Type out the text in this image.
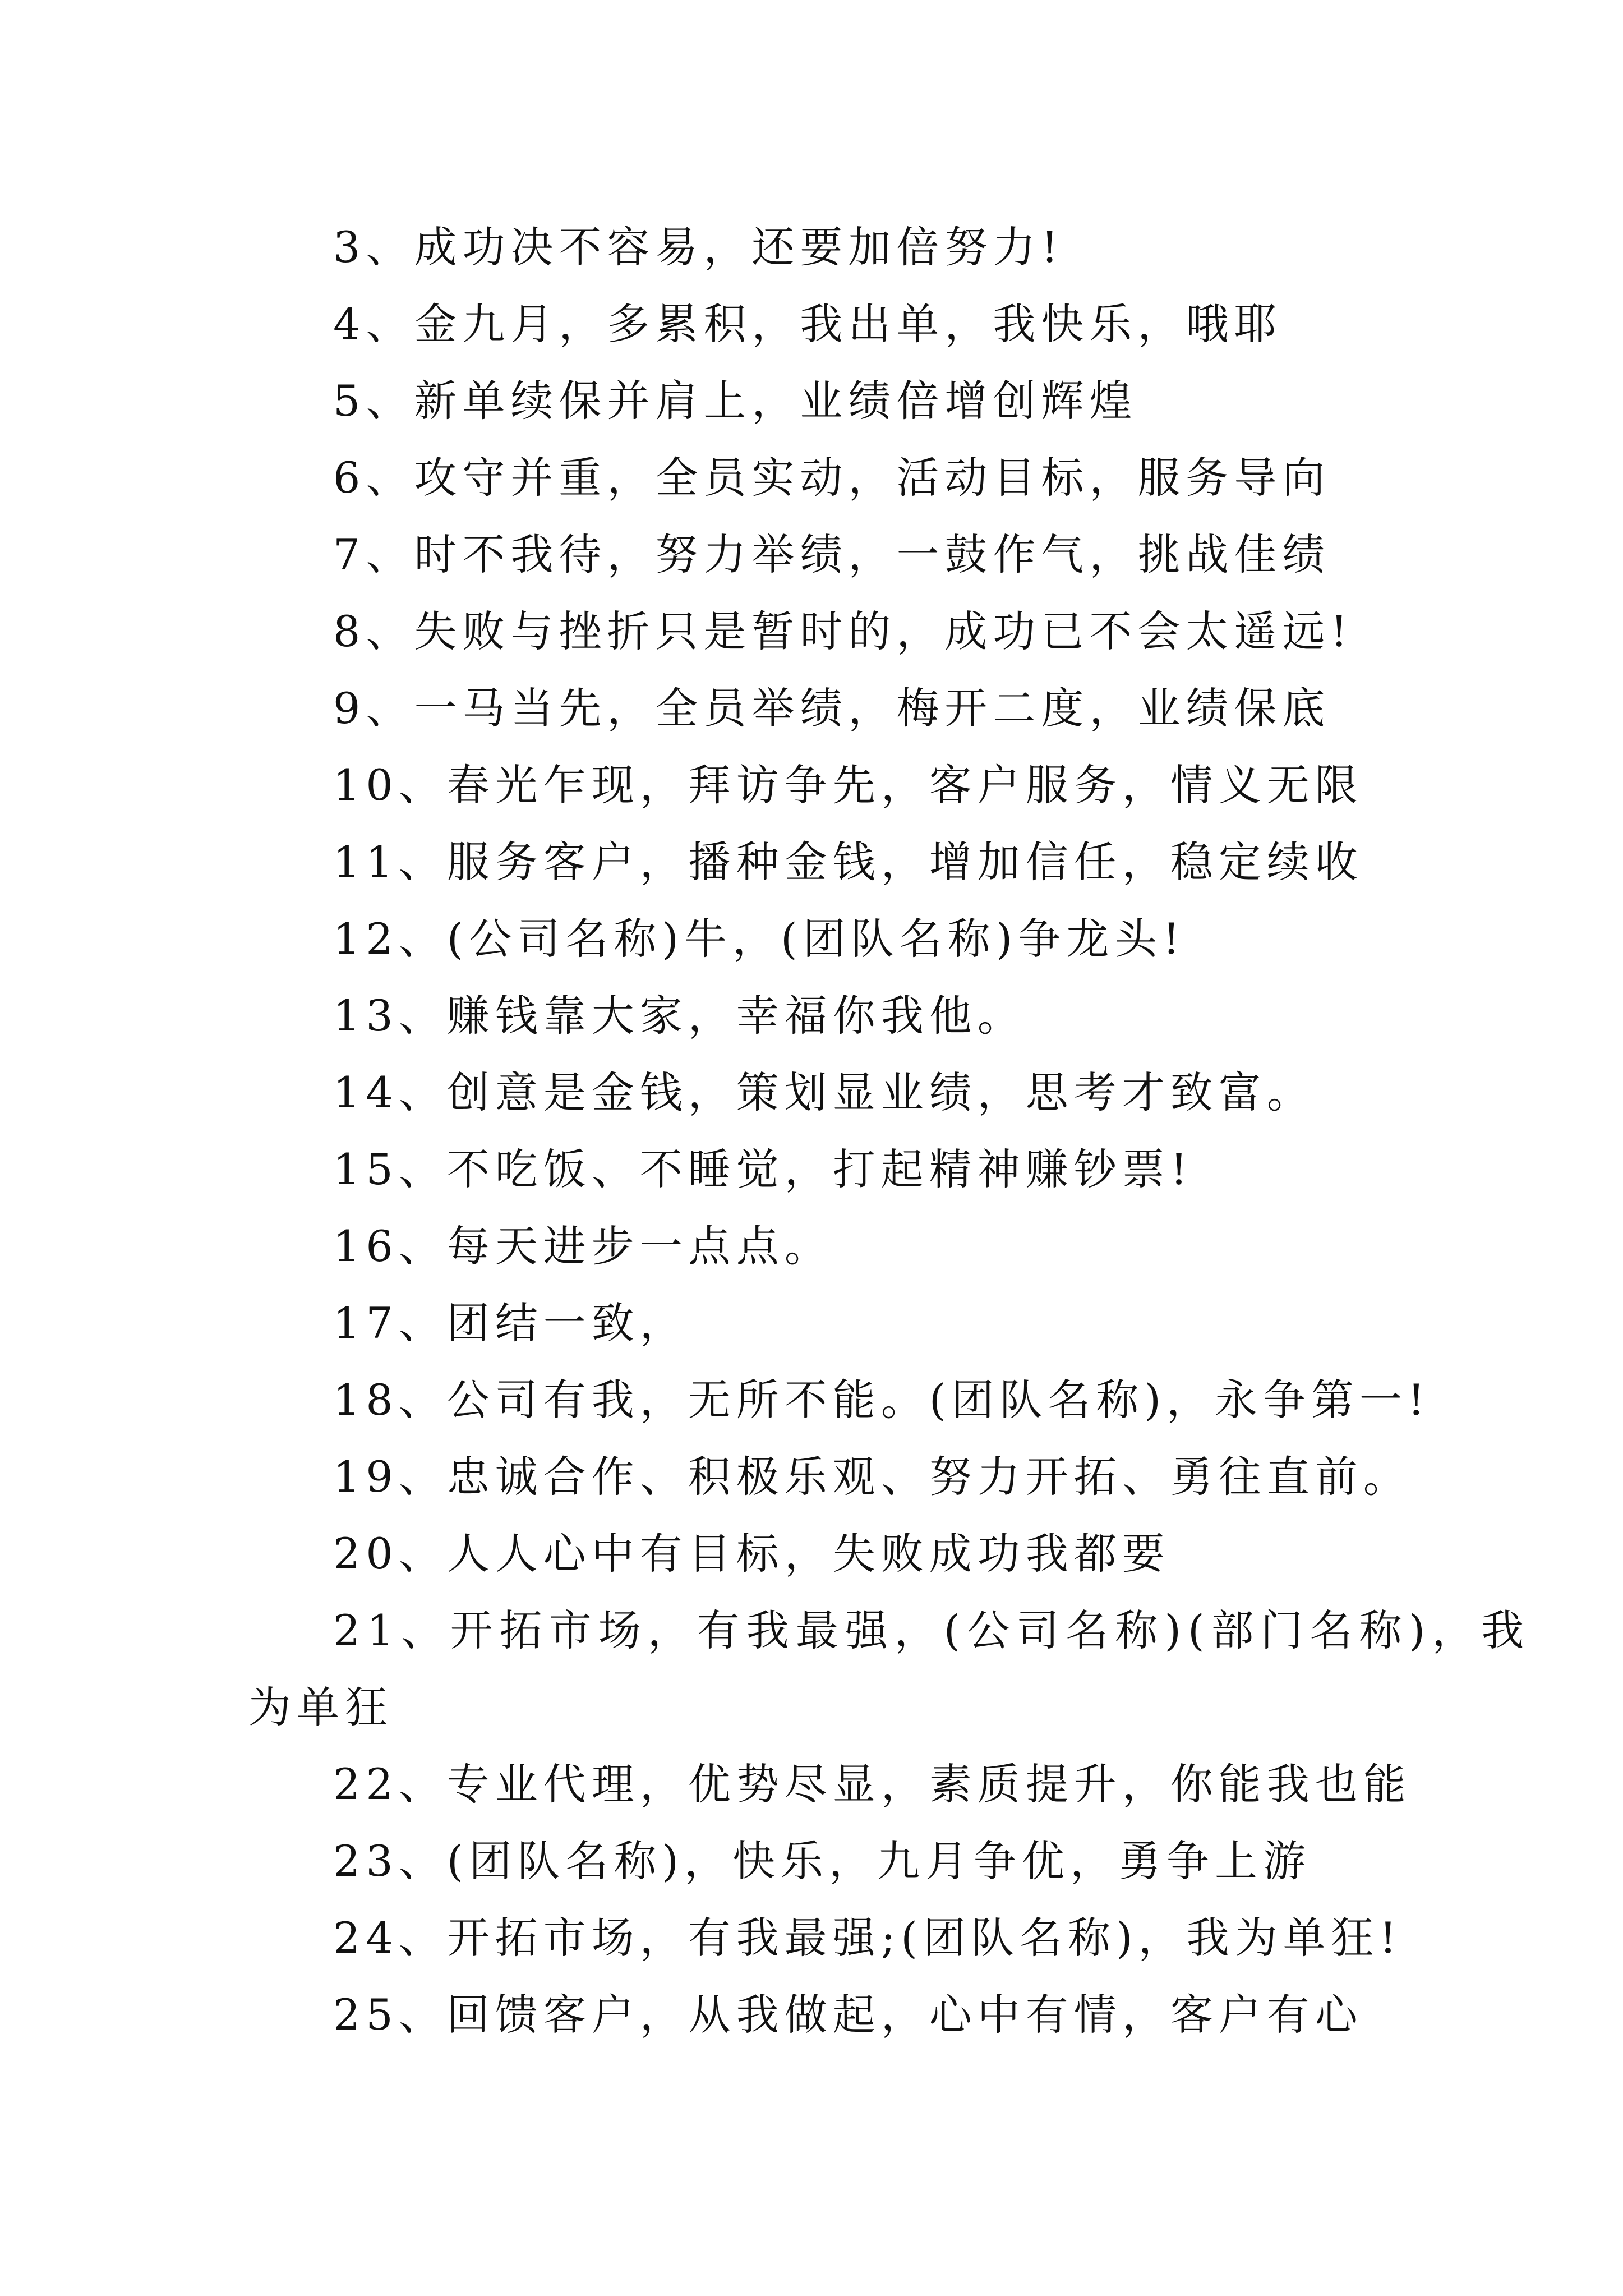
3、成功决不容易，还要加倍努力!
4、金九月，多累积，我出单，我快乐，哦耶
5、新单续保并肩上，业绩倍增创辉煌
6、攻守并重，全员实动，活动目标，服务导向
7、时不我待，努力举绩，一鼓作气，挑战佳绩
8、失败与挫折只是暂时的，成功已不会太遥远!
9、一马当先，全员举绩，梅开二度，业绩保底
10、春光乍现，拜访争先，客户服务，情义无限
11、服务客户，播种金钱，增加信任，稳定续收
12、(公司名称)牛，(团队名称)争龙头!
13、赚钱靠大家，幸福你我他。
14、创意是金钱，策划显业绩，思考才致富。
15、不吃饭、不睡觉，打起精神赚钞票!
16、每天进步一点点。
17、团结一致，
18、公司有我，无所不能。(团队名称)，永争第一!
19、忠诚合作、积极乐观、努力开拓、勇往直前。
20、人人心中有目标，失败成功我都要
21、开拓市场，有我最强，(公司名称)(部门名称)，我
为单狂
22、专业代理，优势尽显，素质提升，你能我也能
23、(团队名称)，快乐，九月争优，勇争上游
24、开拓市场，有我最强;(团队名称)，我为单狂!
25、回馈客户，从我做起，心中有情，客户有心
